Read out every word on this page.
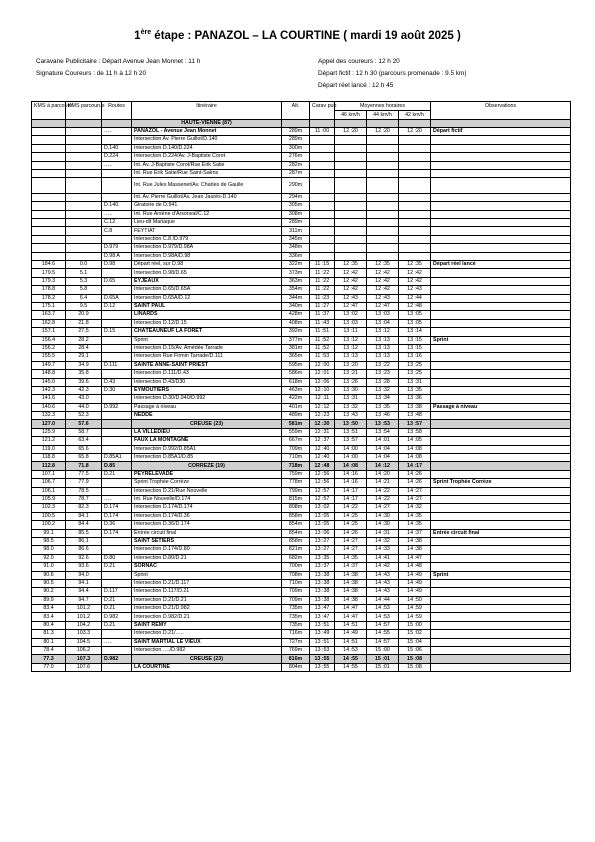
1ère étape : PANAZOL – LA COURTINE ( mardi 19 août 2025 )
Caravane Publicitaire : Départ Avenue Jean Monnet : 11 h
Signature Coureurs : de 11 h à 12 h 20
Appel des coureurs : 12 h 20
Départ fictif : 12 h 30 (parcours promenade : 9.5 km)
Départ réel lancé : 12 h 45
KMS à parcourir	KMS parcourus	Routes	Itinéraire	Alt.	Carav pub	Moyennes horaires			Observations
						46 km/h	44 km/h	42 km/h	
			HAUTE-VIENNE (87)						
		…..	PANAZOL - Avenue Jean Monnet	289m	11 :00	12 :20	12 :20	12 :20	Départ fictif
			Intersection Av. Pierre Guillot/D.140	289m					
		D.140	Intersection D.140/D.224	300m					
		D.224	Intersection D.224/Av. J-Baptiste Corot	276m					
		…..	Int. Av. J-Baptiste Corot/Rue Erik Satie	282m					
			Int. Rue Erik Satie/Rue Saint-Saëns	287m					
			Int. Rue Jules Massenet/Av. Charles de Gaulle	290m					
			Int. Av. Pierre Guillot/Av. Jean Jaurès-D.140	294m					
		D.140	Giratoire de D.941	305m					
		…..	Int. Rue Arsène d'Arsonval/C.12	308m					
		C.12	Lieu-dit Mariaque	289m					
		C.8	FEYTIAT	311m					
			Intersection C.8 /D.979	345m					
		D.979	Intersection D.979/D.98A	348m					
		D.98 A	Intersection D.98A/D.98	336m					
184.6	0.0	D.98	Départ réel, sur D.98	322m	11 :15	12 :35	12 :35	12 :35	Départ réel lancé
179.5	5.1		Intersection D.98/D.65	373m	11 :22	12 :42	12 :42	12 :42	
179.3	5.3	D.65	EYJEAUX	363m	11 :22	12 :42	12 :42	12 :42	
178.8	5.8		Intersection D.65/D.65A	354m	11 :22	12 :42	12 :42	12 :43	
178.2	6.4	D.65A	Intersection D.65A/D.12	344m	11 :23	12 :43	12 :43	12 :44	
175.1	9.5	D.12	SAINT PAUL	340m	11 :27	12 :47	12 :47	12 :48	
163.7	20.9		LINARDS	428m	11 :37	13 :02	13 :03	13 :05	
162.8	21.8		Intersection D.12/D.15	408m	11 :43	13 :03	13 :04	13 :05	
157.1	27.5	D.15	CHÂTEAUNEUF LA FORÊT	392m	11 :51	13 :11	13 :12	13 :14	
156.4	28.2		Sprint	377m	11 :52	13 :12	13 :13	13 :15	Sprint
156.2	28.4		Intersection D.15/Av. Amédée Tarrade	381m	11 :52	13 :12	13 :13	13 :15	
155.5	29.1		Intersection Rue Firmin Tarrade/D.111	365m	11 :53	13 :13	13 :13	13 :16	
149.7	34.9	D.111	SAINTE ANNE-SAINT PRIEST	595m	12 :00	13 :20	13 :22	13 :25	
148.8	35.8		Intersection D.111/D.43	586m	12 :01	13 :21	13 :23	13 :25	
145.0	39.6	D.43	Intersection D.43/D30	618m	12 :06	13 :26	13 :28	13 :31	
142.3	42.3	D.30	EYMOUTIERS	463m	12 :10	13 :30	13 :32	13 :35	
141.6	43.0		Intersection D.30/D.940/D.992	422m	12 :11	13 :31	13 :34	13 :36	
140.6	44.0	D.992	Passage à niveau	401m	12 :12	13 :32	13 :35	13 :38	Passage à niveau
132.3	52.3		NEDDE	489m	12 :23	13 :43	13 :46	13 :48	
127.0	57.6		CREUSE (23)	581m	12 :30	13 :50	13 :53	13 :57	
125.9	58.7		LA VILLEDIEU	559m	12 :31	13 :51	13 :54	13 :58	
121.2	63.4		FAUX LA MONTAGNE	667m	12 :37	13 :57	14 :01	14 :05	
119.0	65.6		Intersection D.992/D.85A1	709m	12 :40	14 :00	14 :04	14 :08	
118.8	65.8	D.85A1	Intersection D.85A1/D.85	710m	12 :40	14 :00	14 :04	14 :08	
112.8	71.8	D.85	CORREZE (19)	718m	12 :48	14 :08	14 :12	14 :17	
107.1	77.5	D.21	PEYRELEVADE	759m	12 :56	14 :16	14 :20	14 :26	
106.7	77.9		Sprint Trophée Corrèze	778m	12 :56	14 :16	14 :21	14 :26	Sprint Trophée Corrèze
106.1	78.5		Intersection D.21/Rue Nouvelle	799m	12 :57	14 :17	14 :22	14 :27	
105.9	78.7	…..	Int. Rue Nouvelle/D.174	815m	12 :57	14 :17	14 :22	14 :27	
102.3	82.3	D.174	Intersection D.174/D.174	808m	13 :02	14 :22	14 :27	14 :32	
100.5	84.1	D.174	Intersection D.174/D.36	858m	13 :05	14 :25	14 :30	14 :35	
100.2	84.4	D.36	Intersection D.36/D.174	854m	13 :05	14 :25	14 :30	14 :35	
99.1	85.5	D.174	Entrée circuit final	854m	13 :06	14 :26	14 :31	14 :37	Entrée circuit final
98.5	86.1		SAINT SETIERS	858m	13 :27	14 :27	14 :32	14 :38	
98.0	86.6		Intersection D.174/D.80	821m	13 :27	14 :27	14 :33	14 :38	
92.0	92.6	D.80	Intersection D.80/D.21	682m	13 :35	14 :35	14 :41	14 :47	
91.0	93.6	D.21	SORNAC	700m	13 :37	14 :37	14 :42	14 :48	
90.6	94.0		Sprint	708m	13 :38	14 :38	14 :43	14 :49	Sprint
90.5	94.1		Intersection D.21/D.117	710m	13 :38	14 :38	14 :43	14 :49	
90.2	94.4	D.117	Intersection D.117/D.21	709m	13 :38	14 :38	14 :43	14 :49	
89.9	94.7	D.21	Intersection D.21/D.21	709m	13 :38	14 :38	14 :44	14 :50	
83.4	101.2	D.21	Intersection D.21/D.982	735m	13 :47	14 :47	14 :53	14 :59	
83.4	101.2	D.982	Intersection D.982/D.21	735m	13 :47	14 :47	14 :53	14 :59	
80.4	104.2	D.21	SAINT RÉMY	735m	13 :51	14 :51	14 :57	15 :00	
81.3	103.3		Intersection D.21/…..	716m	13 :49	14 :49	14 :55	15 :02	
80.1	104.5	…..	SAINT MARTIAL LE VIEUX	727m	13 :51	14 :51	14 :57	15 :04	
78.4	106.2		Intersection …./D.982	769m	13 :53	14 :53	15 :00	15 :06	
77.3	107.3	D.982	CREUSE (23)	816m	13 :55	14 :55	15 :01	15 :08	
77.0	107.6		LA COURTINE	804m	13 :55	14 :55	15 :01	15 :08	
